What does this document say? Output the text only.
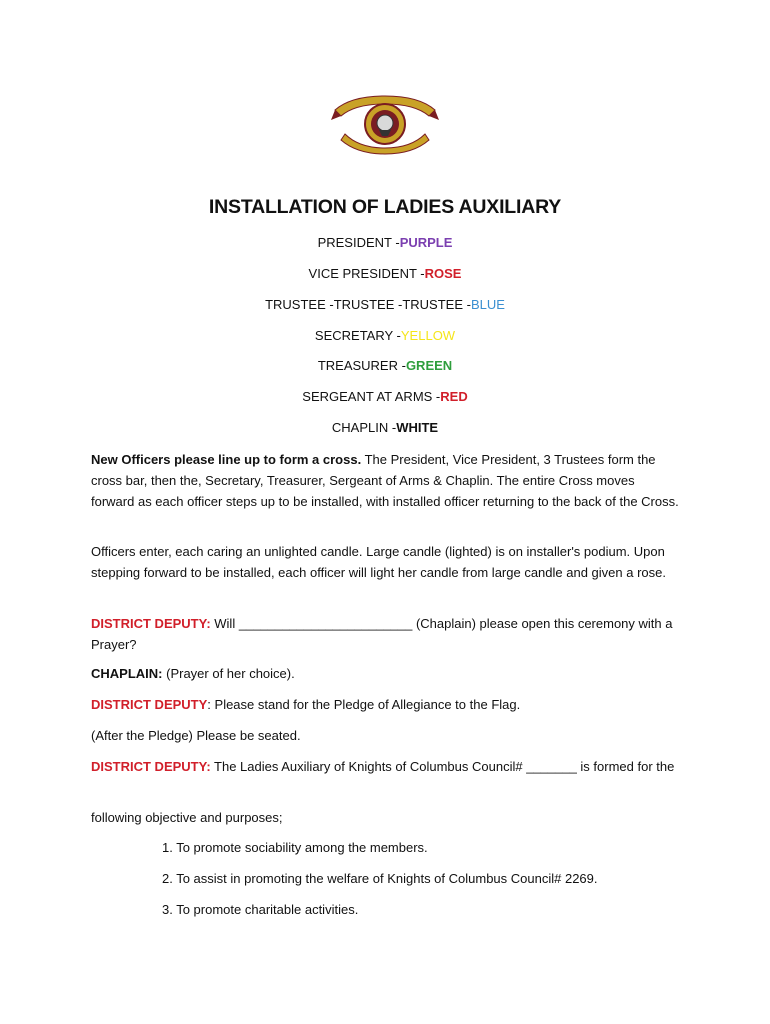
INSTALLATION OF LADIES AUXILIARY
PRESIDENT -PURPLE
VICE PRESIDENT -ROSE
TRUSTEE -TRUSTEE -TRUSTEE -BLUE
SECRETARY -YELLOW
TREASURER -GREEN
SERGEANT AT ARMS -RED
CHAPLIN -WHITE
New Officers please line up to form a cross. The President, Vice President, 3 Trustees form the cross bar, then the, Secretary, Treasurer, Sergeant of Arms & Chaplin. The entire Cross moves forward as each officer steps up to be installed, with installed officer returning to the back of the Cross.
Officers enter, each caring an unlighted candle. Large candle (lighted) is on installer's podium. Upon stepping forward to be installed, each officer will light her candle from large candle and given a rose.
DISTRICT DEPUTY: Will ________________________ (Chaplain) please open this ceremony with a Prayer?
CHAPLAIN: (Prayer of her choice).
DISTRICT DEPUTY: Please stand for the Pledge of Allegiance to the Flag.
(After the Pledge) Please be seated.
DISTRICT DEPUTY: The Ladies Auxiliary of Knights of Columbus Council# _______ is formed for the
following objective and purposes;
1. To promote sociability among the members.
2. To assist in promoting the welfare of Knights of Columbus Council# 2269.
3. To promote charitable activities.
